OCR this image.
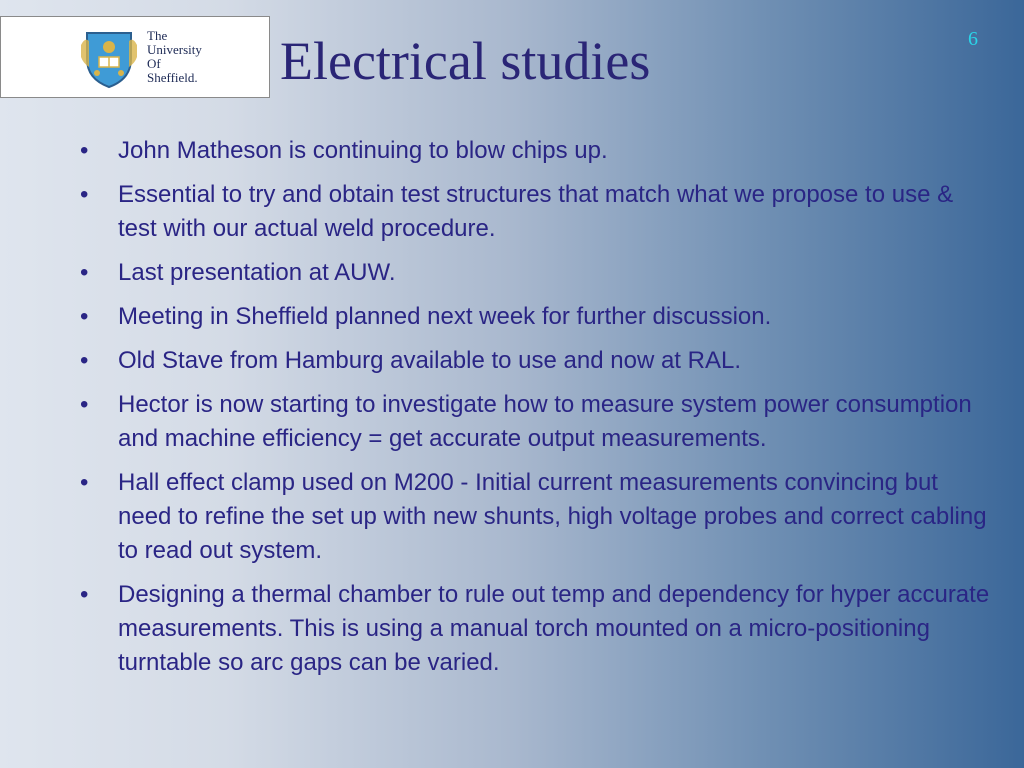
The
University
Of
Sheffield. Electrical studies	6
•	John Matheson is continuing to blow chips up.
•	Essential to try and obtain test structures that match what we propose to use & test with our actual weld procedure.
•	Last presentation at AUW.
•	Meeting in Sheffield planned next week for further discussion.
•	Old Stave from Hamburg available to use and now at RAL.
•	Hector is now starting to investigate how to measure system power consumption and machine efficiency = get accurate output measurements.
•	Hall effect clamp used on M200 - Initial current measurements convincing but need to refine the set up with new shunts, high voltage probes and correct cabling to read out system.
•	Designing a thermal chamber to rule out temp and dependency for hyper accurate measurements. This is using a manual torch mounted on a micro-positioning turntable so arc gaps can be varied.
